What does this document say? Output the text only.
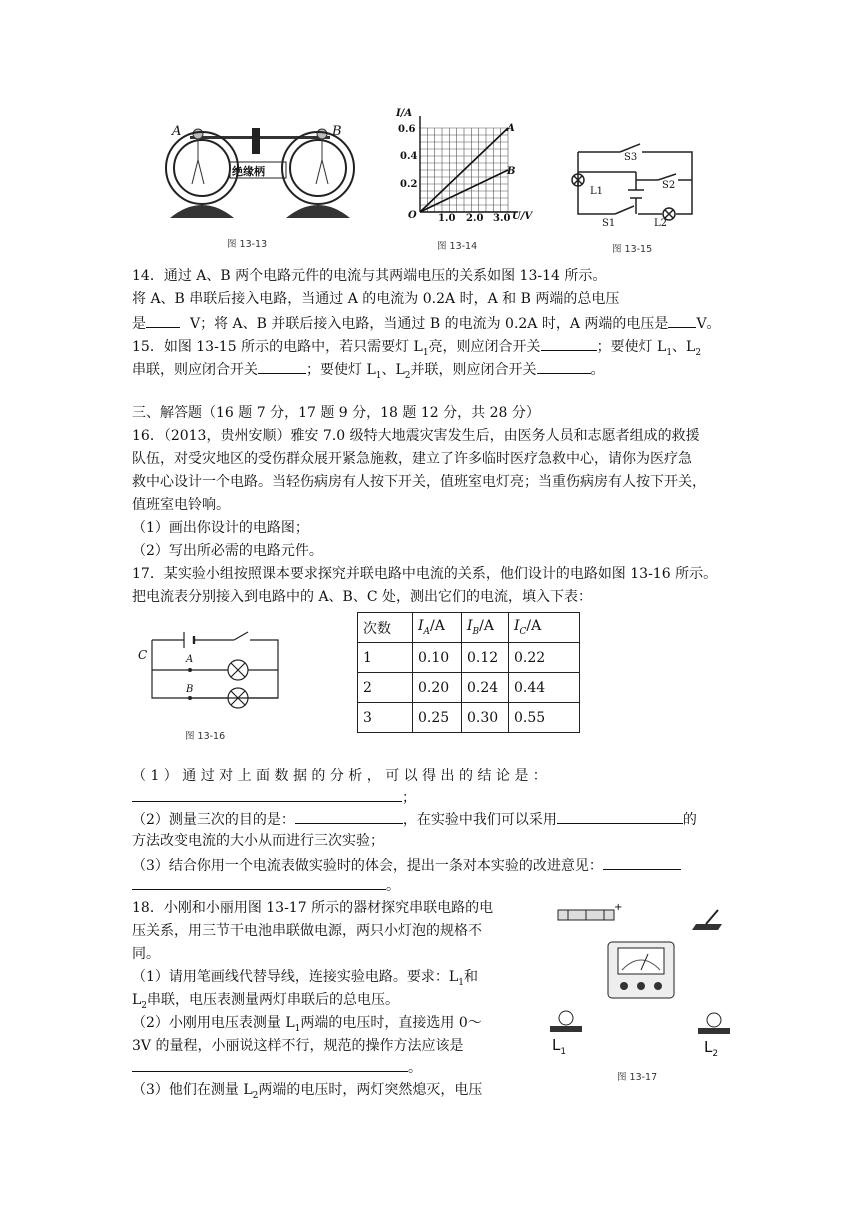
A	B
绝缘柄
图 13-13
I/A
0.6
0.4
0.2
O 1.0 2.0 3.0 U/V
A
B
图 13-14
S3
S2
S1
L1
L2
图 13-15
14．通过 A、B 两个电路元件的电流与其两端电压的关系如图 13-14 所示。
将 A、B 串联后接入电路，当通过 A 的电流为 0.2A 时，A 和 B 两端的总电压
是	V；将 A、B 并联后接入电路，当通过 B 的电流为 0.2A 时，A 两端的电压是 V。
15．如图 13-15 所示的电路中，若只需要灯 $L_1$亮，则应闭合开关	；要使灯 $L_1$、$L_2$
串联，则应闭合开关	；要使灯 $L_1$、$L_2$并联，则应闭合开关	。
三、解答题（16 题 7 分，17 题 9 分，18 题 12 分，共 28 分）
16．（2013，贵州安顺）雅安 7.0 级特大地震灾害发生后，由医务人员和志愿者组成的救援
队伍，对受灾地区的受伤群众展开紧急施救，建立了许多临时医疗急救中心，请你为医疗急
救中心设计一个电路。当轻伤病房有人按下开关，值班室电灯亮；当重伤病房有人按下开关，
值班室电铃响。
（1）画出你设计的电路图；
（2）写出所必需的电路元件。
17．某实验小组按照课本要求探究并联电路中电流的关系，他们设计的电路如图 13-16 所示。
把电流表分别接入到电路中的 A、B、C 处，测出它们的电流，填入下表：
C	A
B
图 13-16
次数	$I_A/A$	$I_B/A$	$I_C/A$
1	0.10	0.12	0.22
2	0.20	0.24	0.44
3	0.25	0.30	0.55
（ 1 ） 通 过 对 上 面 数 据 的 分 析 ， 可 以 得 出 的 结 论 是 ：
；
（2）测量三次的目的是：	，在实验中我们可以采用	的
方法改变电流的大小从而进行三次实验；
（3）结合你用一个电流表做实验时的体会，提出一条对本实验的改进意见：
。
18．小刚和小丽用图 13-17 所示的器材探究串联电路的电
压关系，用三节干电池串联做电源，两只小灯泡的规格不
同。
（1）请用笔画线代替导线，连接实验电路。要求：$L_1$和
$L_2$串联，电压表测量两灯串联后的总电压。
（2）小刚用电压表测量 $L_1$两端的电压时，直接选用 0～
3V 的量程，小丽说这样不行，规范的操作方法应该是
。
（3）他们在测量 $L_2$两端的电压时，两灯突然熄灭，电压
+
$L_1$	$L_2$
图 13-17
